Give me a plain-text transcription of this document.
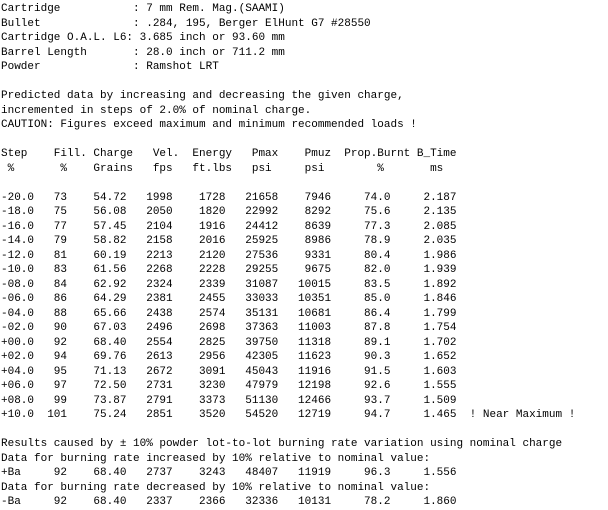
Cartridge           : 7 mm Rem. Mag.(SAAMI)
Bullet              : .284, 195, Berger ElHunt G7 #28550
Cartridge O.A.L. L6: 3.685 inch or 93.60 mm
Barrel Length       : 28.0 inch or 711.2 mm
Powder              : Ramshot LRT
Predicted data by increasing and decreasing the given charge,
incremented in steps of 2.0% of nominal charge.
CAUTION: Figures exceed maximum and minimum recommended loads !
Step    Fill. Charge   Vel.  Energy   Pmax    Pmuz  Prop.Burnt B_Time
%       %    Grains   fps   ft.lbs   psi     psi        %       ms
-20.0   73    54.72   1998    1728   21658    7946     74.0     2.187
-18.0   75    56.08   2050    1820   22992    8292     75.6     2.135
-16.0   77    57.45   2104    1916   24412    8639     77.3     2.085
-14.0   79    58.82   2158    2016   25925    8986     78.9     2.035
-12.0   81    60.19   2213    2120   27536    9331     80.4     1.986
-10.0   83    61.56   2268    2228   29255    9675     82.0     1.939
-08.0   84    62.92   2324    2339   31087   10015     83.5     1.892
-06.0   86    64.29   2381    2455   33033   10351     85.0     1.846
-04.0   88    65.66   2438    2574   35131   10681     86.4     1.799
-02.0   90    67.03   2496    2698   37363   11003     87.8     1.754
+00.0   92    68.40   2554    2825   39750   11318     89.1     1.702
+02.0   94    69.76   2613    2956   42305   11623     90.3     1.652
+04.0   95    71.13   2672    3091   45043   11916     91.5     1.603
+06.0   97    72.50   2731    3230   47979   12198     92.6     1.555
+08.0   99    73.87   2791    3373   51130   12466     93.7     1.509
+10.0  101    75.24   2851    3520   54520   12719     94.7     1.465  ! Near Maximum !
Results caused by ± 10% powder lot-to-lot burning rate variation using nominal charge
Data for burning rate increased by 10% relative to nominal value:
+Ba     92    68.40   2737    3243   48407   11919     96.3     1.556
Data for burning rate decreased by 10% relative to nominal value:
-Ba     92    68.40   2337    2366   32336   10131     78.2     1.860
